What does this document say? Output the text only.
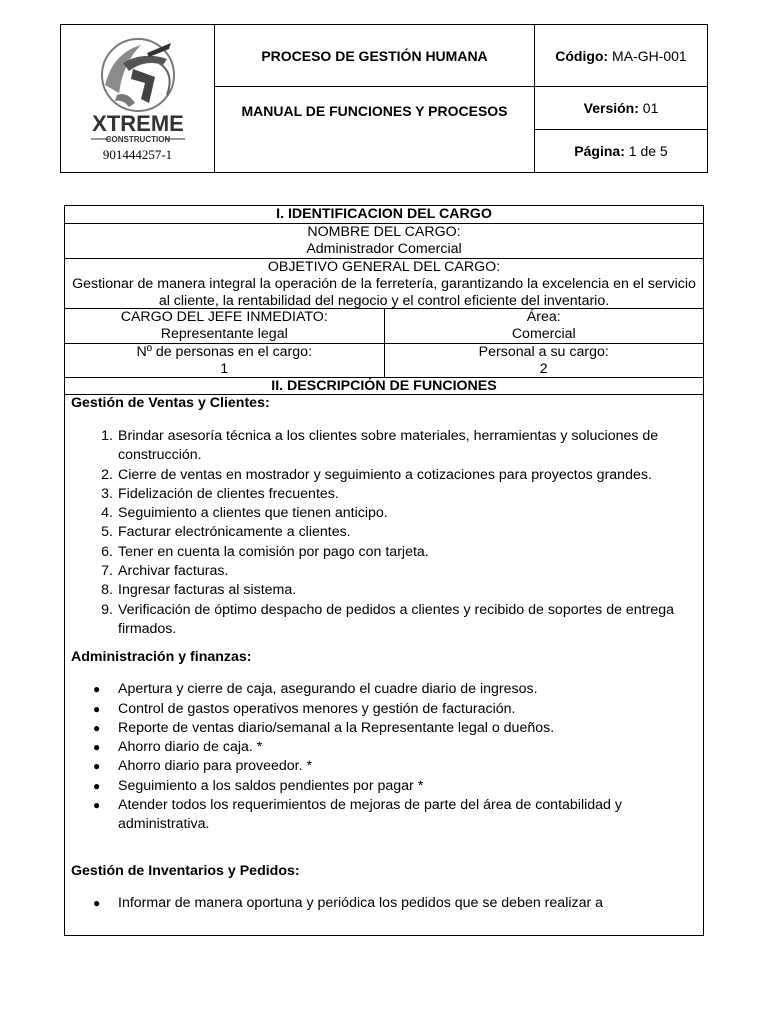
XTREME
CONSTRUCTION
901444257-1	PROCESO DE GESTIÓN HUMANA	Código: MA-GH-001
	MANUAL DE FUNCIONES Y PROCESOS	Versión: 01
		Página: 1 de 5
I. IDENTIFICACION DEL CARGO
NOMBRE DEL CARGO:
Administrador Comercial
OBJETIVO GENERAL DEL CARGO:
Gestionar de manera integral la operación de la ferretería, garantizando la excelencia en el servicio al cliente, la rentabilidad del negocio y el control eficiente del inventario.
CARGO DEL JEFE INMEDIATO:
Representante legal
Área:
Comercial
Nº de personas en el cargo:
1
Personal a su cargo:
2
II. DESCRIPCIÓN DE FUNCIONES

Gestión de Ventas y Clientes:

1. Brindar asesoría técnica a los clientes sobre materiales, herramientas y soluciones de construcción.
2. Cierre de ventas en mostrador y seguimiento a cotizaciones para proyectos grandes.
3. Fidelización de clientes frecuentes.
4. Seguimiento a clientes que tienen anticipo.
5. Facturar electrónicamente a clientes.
6. Tener en cuenta la comisión por pago con tarjeta.
7. Archivar facturas.
8. Ingresar facturas al sistema.
9. Verificación de óptimo despacho de pedidos a clientes y recibido de soportes de entrega firmados.

Administración y finanzas:

● Apertura y cierre de caja, asegurando el cuadre diario de ingresos.
● Control de gastos operativos menores y gestión de facturación.
● Reporte de ventas diario/semanal a la Representante legal o dueños.
● Ahorro diario de caja. *
● Ahorro diario para proveedor. *
● Seguimiento a los saldos pendientes por pagar *
● Atender todos los requerimientos de mejoras de parte del área de contabilidad y administrativa.

Gestión de Inventarios y Pedidos:

● Informar de manera oportuna y periódica los pedidos que se deben realizar a
